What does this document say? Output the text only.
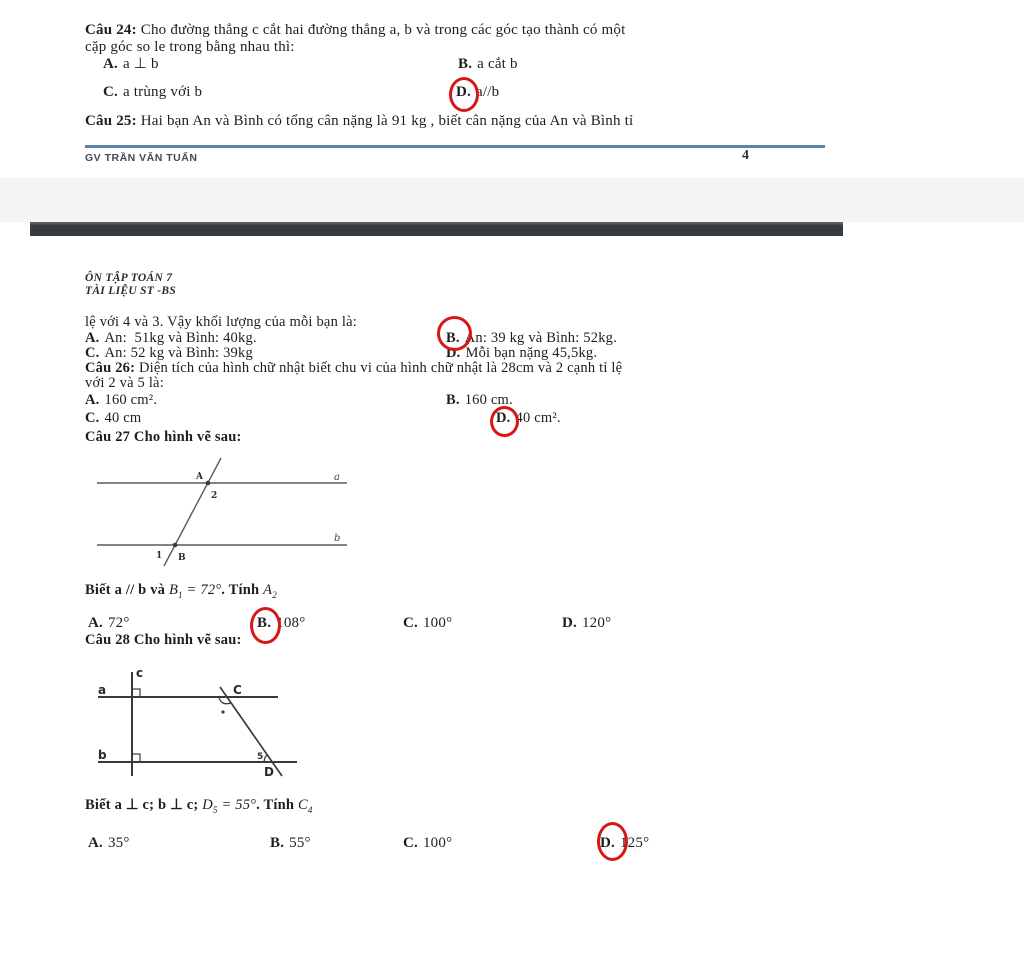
Câu 24: Cho đường thẳng c cắt hai đường thẳng a, b và trong các góc tạo thành có một
cặp góc so le trong bằng nhau thì:
A. a ⊥ b	B. a cắt b
C. a trùng với b	D. a//b
Câu 25: Hai bạn An và Bình có tổng cân nặng là 91 kg , biết cân nặng của An và Bình tỉ
GV TRẦN VĂN TUẤN	4
ÔN TẬP TOÁN 7
TÀI LIỆU ST -BS
lệ với 4 và 3. Vậy khối lượng của mỗi bạn là:
A. An:  51kg và Bình: 40kg.	B. An: 39 kg và Bình: 52kg.
C. An: 52 kg và Bình: 39kg	D. Mỗi bạn nặng 45,5kg.
Câu 26: Diện tích của hình chữ nhật biết chu vi của hình chữ nhật là 28cm và 2 cạnh tỉ lệ
với 2 và 5 là:
A. 160 cm².	B. 160 cm.
C. 40 cm	D. 40 cm².
Câu 27 Cho hình vẽ sau:
a
b
A
2
1 B
Biết a // b và $B_1 = 72^\circ$. Tính $A_2$
A. 72°	B. 108°	C. 100°	D. 120°
Câu 28 Cho hình vẽ sau:
c
a
b
C
5
D
Biết a ⊥ c; b ⊥ c; $D_5 = 55^\circ$. Tính $C_4$
A. 35°	B. 55°	C. 100°	D. 125°
